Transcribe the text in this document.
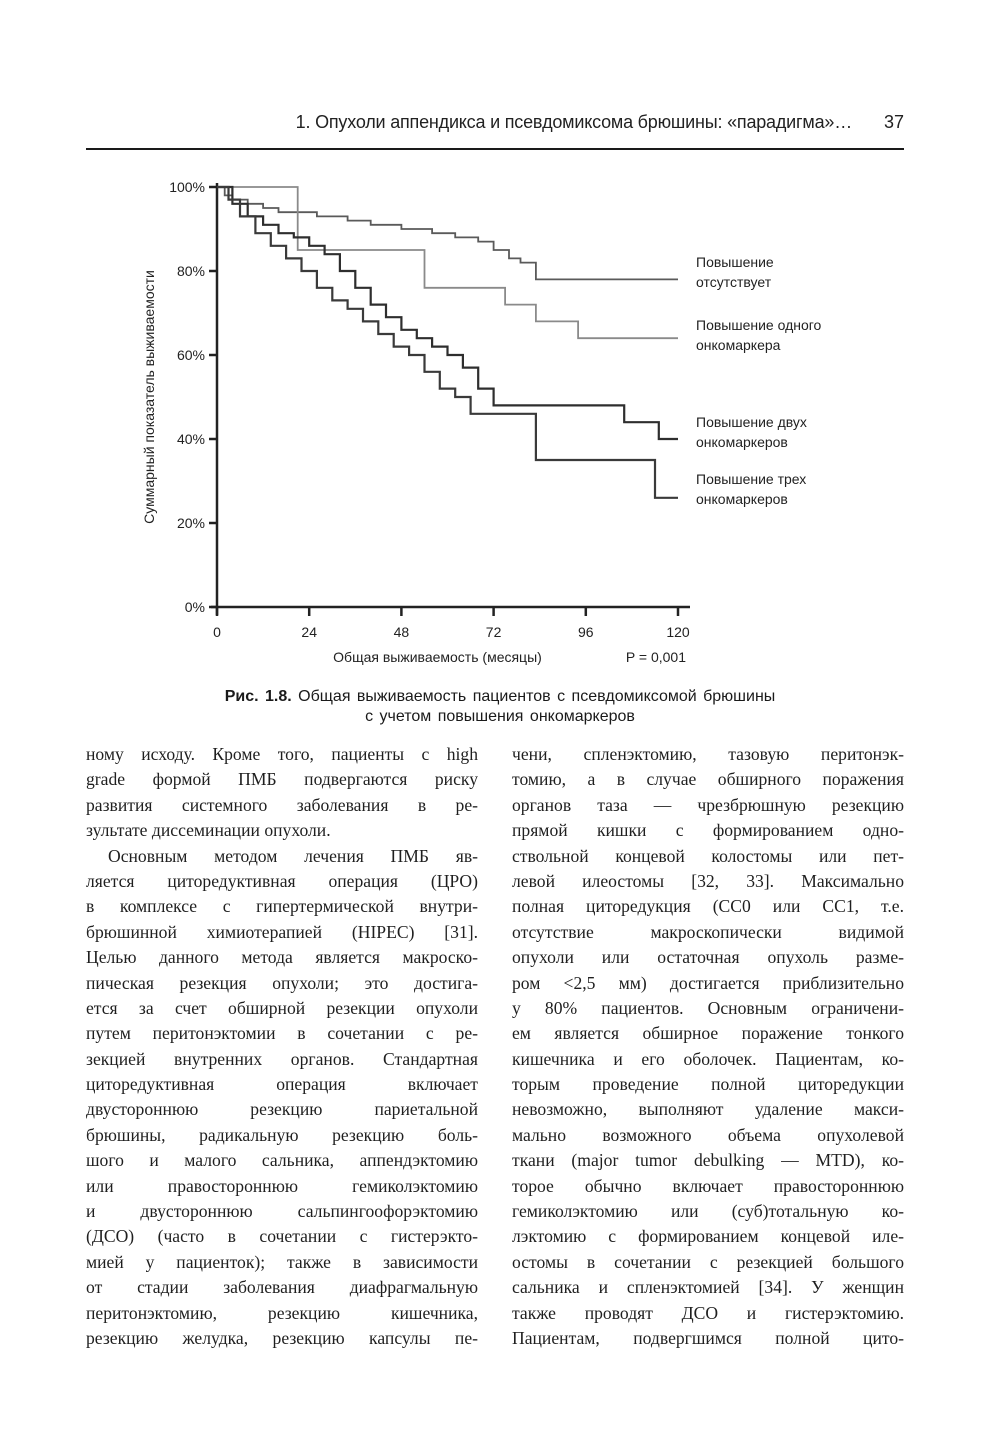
1. Опухоли аппендикса и псевдомиксома брюшины: «парадигма»… 37
0%
20%
40%
60%
80%
100%
0	24	48	72	96	120
Общая выживаемость (месяцы)	P = 0,001
Суммарный показатель выживаемости
Повышение
отсутствует
Повышение одного
онкомаркера
Повышение двух
онкомаркеров
Повышение трех
онкомаркеров
Рис. 1.8. Общая выживаемость пациентов с псевдомиксомой брюшины
с учетом повышения онкомаркеров

ному исходу. Кроме того, пациенты с high
grade формой ПМБ подвергаются риску
развития системного заболевания в ре-
зультате диссеминации опухоли.

Основным методом лечения ПМБ яв-
ляется циторедуктивная операция (ЦРО)
в комплексе с гипертермической внутри-
брюшинной химиотерапией (HIPEC) [31].
Целью данного метода является макроско-
пическая резекция опухоли; это достига-
ется за счет обширной резекции опухоли
путем перитонэктомии в сочетании с ре-
зекцией внутренних органов. Стандартная
циторедуктивная операция включает
двустороннюю резекцию париетальной
брюшины, радикальную резекцию боль-
шого и малого сальника, аппендэктомию
или правостороннюю гемиколэктомию
и двустороннюю сальпингоофорэктомию
(ДСО) (часто в сочетании с гистерэкто-
мией у пациенток); также в зависимости
от стадии заболевания диафрагмальную
перитонэктомию, резекцию кишечника,
резекцию желудка, резекцию капсулы пе-

чени, спленэктомию, тазовую перитонэк-
томию, а в случае обширного поражения
органов таза — чрезбрюшную резекцию
прямой кишки с формированием одно-
ствольной концевой колостомы или пет-
левой илеостомы [32, 33]. Максимально
полная циторедукция (СС0 или СС1, т.е.
отсутствие макроскопически видимой
опухоли или остаточная опухоль разме-
ром <2,5 мм) достигается приблизительно
у 80% пациентов. Основным ограничени-
ем является обширное поражение тонкого
кишечника и его оболочек. Пациентам, ко-
торым проведение полной циторедукции
невозможно, выполняют удаление макси-
мально возможного объема опухолевой
ткани (major tumor debulking — MTD), ко-
торое обычно включает правостороннюю
гемиколэктомию или (суб)тотальную ко-
лэктомию с формированием концевой иле-
остомы в сочетании с резекцией большого
сальника и спленэктомией [34]. У женщин
также проводят ДСО и гистерэктомию.
Пациентам, подвергшимся полной цито-
